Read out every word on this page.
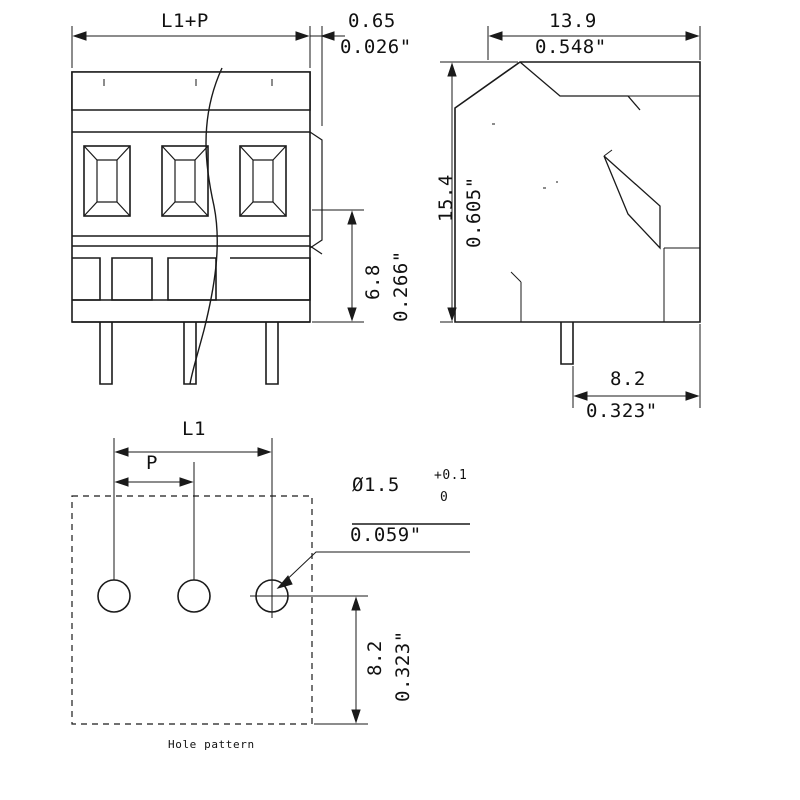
L1+P	0.65
0.026"
6.8 0.266"
13.9
0.548"
15.4 0.605"
8.2
0.323"
L1
P
Ø1.5	+0.1
0
0.059"
8.2 0.323"
Hole pattern
